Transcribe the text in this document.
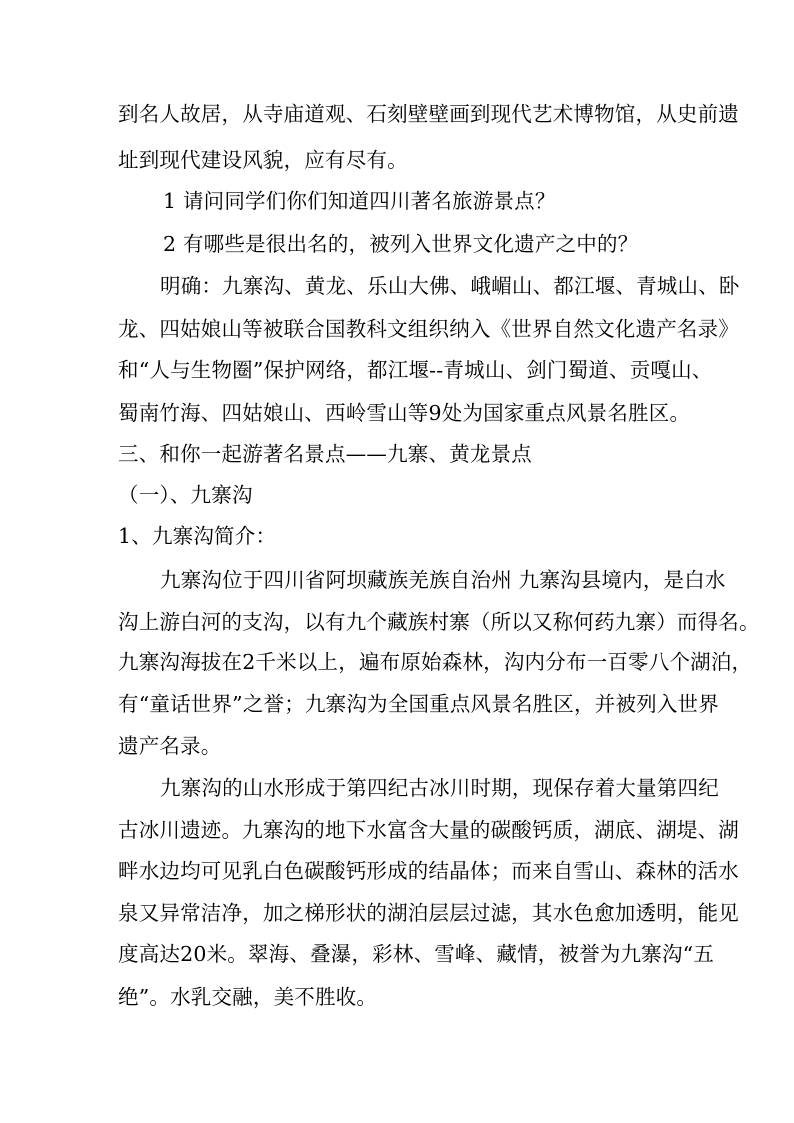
到名人故居，从寺庙道观、石刻壁壁画到现代艺术博物馆，从史前遗
址到现代建设风貌，应有尽有。
1 请问同学们你们知道四川著名旅游景点？
2 有哪些是很出名的，被列入世界文化遗产之中的？
明确：九寨沟、黄龙、乐山大佛、峨嵋山、都江堰、青城山、卧
龙、四姑娘山等被联合国教科文组织纳入《世界自然文化遗产名录》
和“人与生物圈”保护网络，都江堰--青城山、剑门蜀道、贡嘎山、
蜀南竹海、四姑娘山、西岭雪山等9处为国家重点风景名胜区。
三、和你一起游著名景点——九寨、黄龙景点
（一）、九寨沟
1、九寨沟简介：
九寨沟位于四川省阿坝藏族羌族自治州 九寨沟县境内，是白水
沟上游白河的支沟，以有九个藏族村寨（所以又称何药九寨）而得名。
九寨沟海拔在2千米以上，遍布原始森林，沟内分布一百零八个湖泊，
有“童话世界”之誉；九寨沟为全国重点风景名胜区，并被列入世界
遗产名录。
九寨沟的山水形成于第四纪古冰川时期，现保存着大量第四纪
古冰川遗迹。九寨沟的地下水富含大量的碳酸钙质，湖底、湖堤、湖
畔水边均可见乳白色碳酸钙形成的结晶体；而来自雪山、森林的活水
泉又异常洁净，加之梯形状的湖泊层层过滤，其水色愈加透明，能见
度高达20米。翠海、叠瀑，彩林、雪峰、藏情，被誉为九寨沟“五
绝”。水乳交融，美不胜收。
